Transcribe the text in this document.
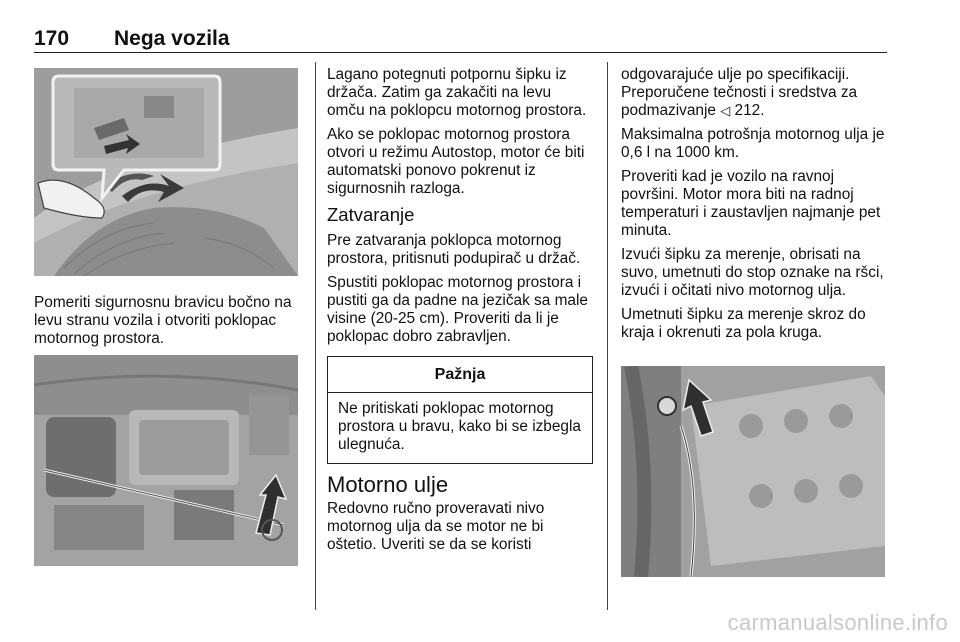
170 Nega vozila

Pomeriti sigurnosnu bravicu bočno na levu stranu vozila i otvoriti poklopac motornog prostora.

Lagano potegnuti potpornu šipku iz držača. Zatim ga zakačiti na levu omču na poklopcu motornog prostora.

Ako se poklopac motornog prostora otvori u režimu Autostop, motor će biti automatski ponovo pokrenut iz sigurnosnih razloga.

Zatvaranje

Pre zatvaranja poklopca motornog prostora, pritisnuti podupirač u držač.

Spustiti poklopac motornog prostora i pustiti ga da padne na jezičak sa male visine (20-25 cm). Proveriti da li je poklopac dobro zabravljen.

Pažnja
Ne pritiskati poklopac motornog prostora u bravu, kako bi se izbegla ulegnuća.
Motorno ulje

Redovno ručno proveravati nivo motornog ulja da se motor ne bi oštetio. Uveriti se da se koristi

odgovarajuće ulje po specifikaciji. Preporučene tečnosti i sredstva za podmazivanje ◁ 212.

Maksimalna potrošnja motornog ulja je 0,6 l na 1000 km.

Proveriti kad je vozilo na ravnoj površini. Motor mora biti na radnoj temperaturi i zaustavljen najmanje pet minuta.

Izvući šipku za merenje, obrisati na suvo, umetnuti do stop oznake na ršci, izvući i očitati nivo motornog ulja.

Umetnuti šipku za merenje skroz do kraja i okrenuti za pola kruga.

carmanualsonline.info
